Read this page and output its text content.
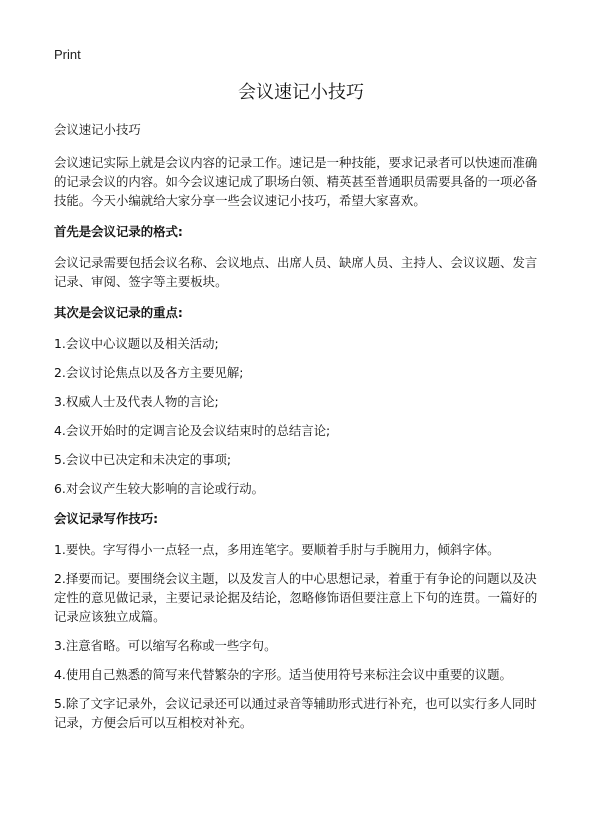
Print
会议速记小技巧

会议速记小技巧

会议速记实际上就是会议内容的记录工作。速记是一种技能，要求记录者可以快速而准确的记录会议的内容。如今会议速记成了职场白领、精英甚至普通职员需要具备的一项必备技能。今天小编就给大家分享一些会议速记小技巧，希望大家喜欢。

首先是会议记录的格式:

会议记录需要包括会议名称、会议地点、出席人员、缺席人员、主持人、会议议题、发言记录、审阅、签字等主要板块。

其次是会议记录的重点:

1.会议中心议题以及相关活动;

2.会议讨论焦点以及各方主要见解;

3.权威人士及代表人物的言论;

4.会议开始时的定调言论及会议结束时的总结言论;

5.会议中已决定和未决定的事项;

6.对会议产生较大影响的言论或行动。

会议记录写作技巧:

1.要快。字写得小一点轻一点，多用连笔字。要顺着手肘与手腕用力，倾斜字体。

2.择要而记。要围绕会议主题，以及发言人的中心思想记录，着重于有争论的问题以及决定性的意见做记录，主要记录论据及结论，忽略修饰语但要注意上下句的连贯。一篇好的记录应该独立成篇。

3.注意省略。可以缩写名称或一些字句。

4.使用自己熟悉的简写来代替繁杂的字形。适当使用符号来标注会议中重要的议题。

5.除了文字记录外，会议记录还可以通过录音等辅助形式进行补充，也可以实行多人同时记录，方便会后可以互相校对补充。
